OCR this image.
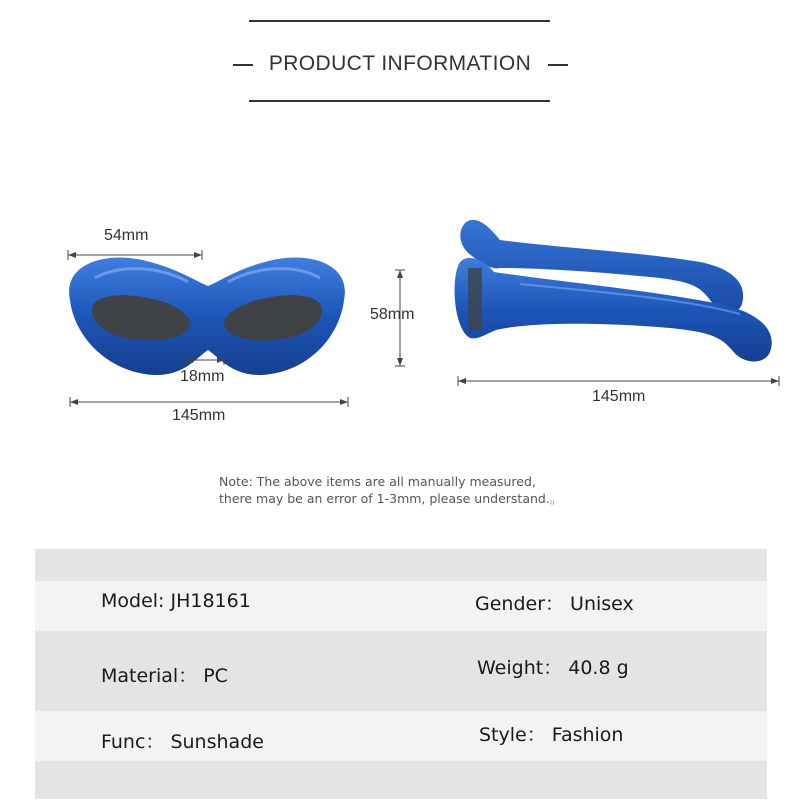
PRODUCT INFORMATION
54mm
18mm
145mm
58mm
145mm
Note: The above items are all manually measured,
there may be an error of 1-3mm, please understand.。
Model: JH18161	Gender： Unisex
Material： PC	Weight： 40.8 g
Func： Sunshade	Style： Fashion
